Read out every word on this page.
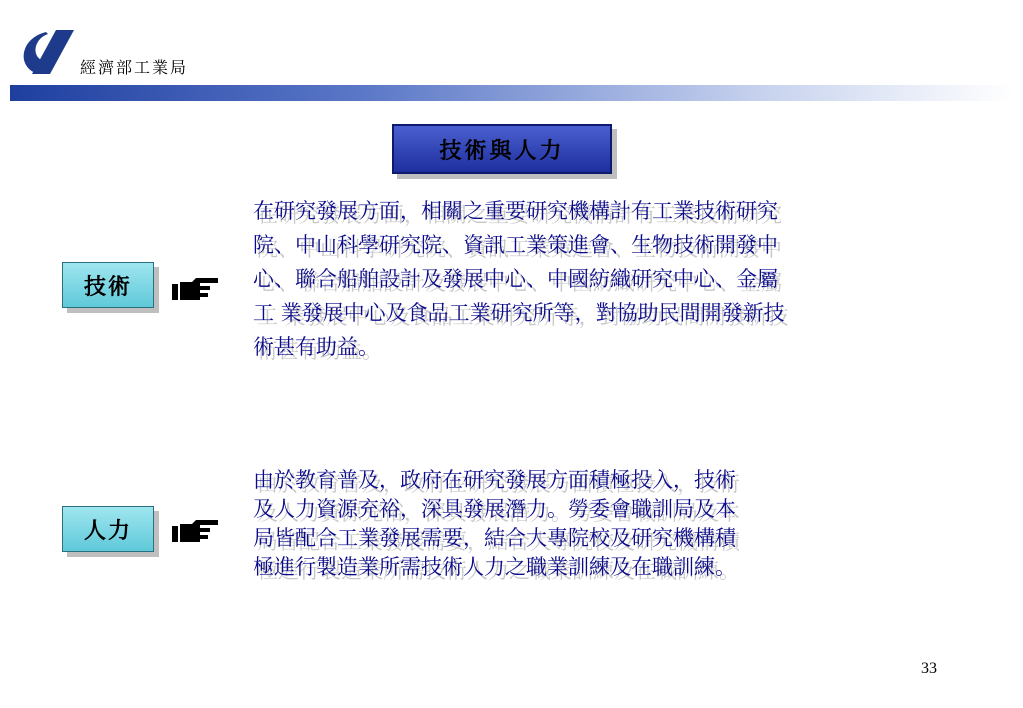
經濟部工業局
技術與人力
技術
在研究發展方面，相關之重要研究機構計有工業技術研究
院、中山科學研究院、資訊工業策進會、生物技術開發中
心、聯合船舶設計及發展中心、中國紡織研究中心、金屬
工 業發展中心及食品工業研究所等，對協助民間開發新技
術甚有助益。
人力
由於教育普及，政府在研究發展方面積極投入，技術
及人力資源充裕，深具發展潛力。勞委會職訓局及本
局皆配合工業發展需要，結合大專院校及研究機構積
極進行製造業所需技術人力之職業訓練及在職訓練。
33
